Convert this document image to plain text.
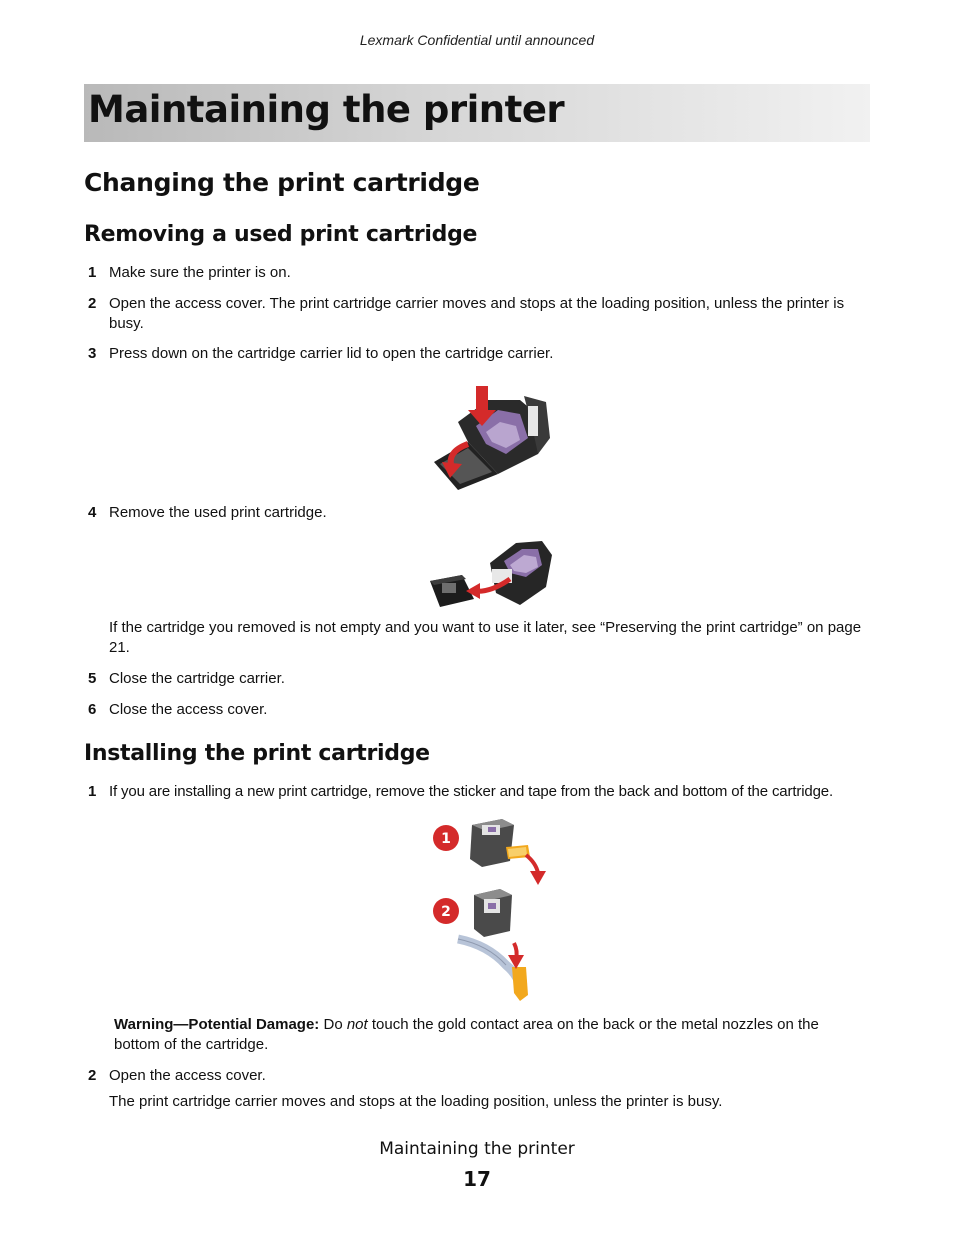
Lexmark Confidential until announced
Maintaining the printer
Changing the print cartridge
Removing a used print cartridge
1 Make sure the printer is on.
2 Open the access cover. The print cartridge carrier moves and stops at the loading position, unless the printer is busy.
3 Press down on the cartridge carrier lid to open the cartridge carrier.
4 Remove the used print cartridge.
If the cartridge you removed is not empty and you want to use it later, see “Preserving the print cartridge” on page 21.
5 Close the cartridge carrier.
6 Close the access cover.
Installing the print cartridge
1 If you are installing a new print cartridge, remove the sticker and tape from the back and bottom of the cartridge.
1
2
Warning—Potential Damage: Do not touch the gold contact area on the back or the metal nozzles on the bottom of the cartridge.
2 Open the access cover.
The print cartridge carrier moves and stops at the loading position, unless the printer is busy.
Maintaining the printer
17
